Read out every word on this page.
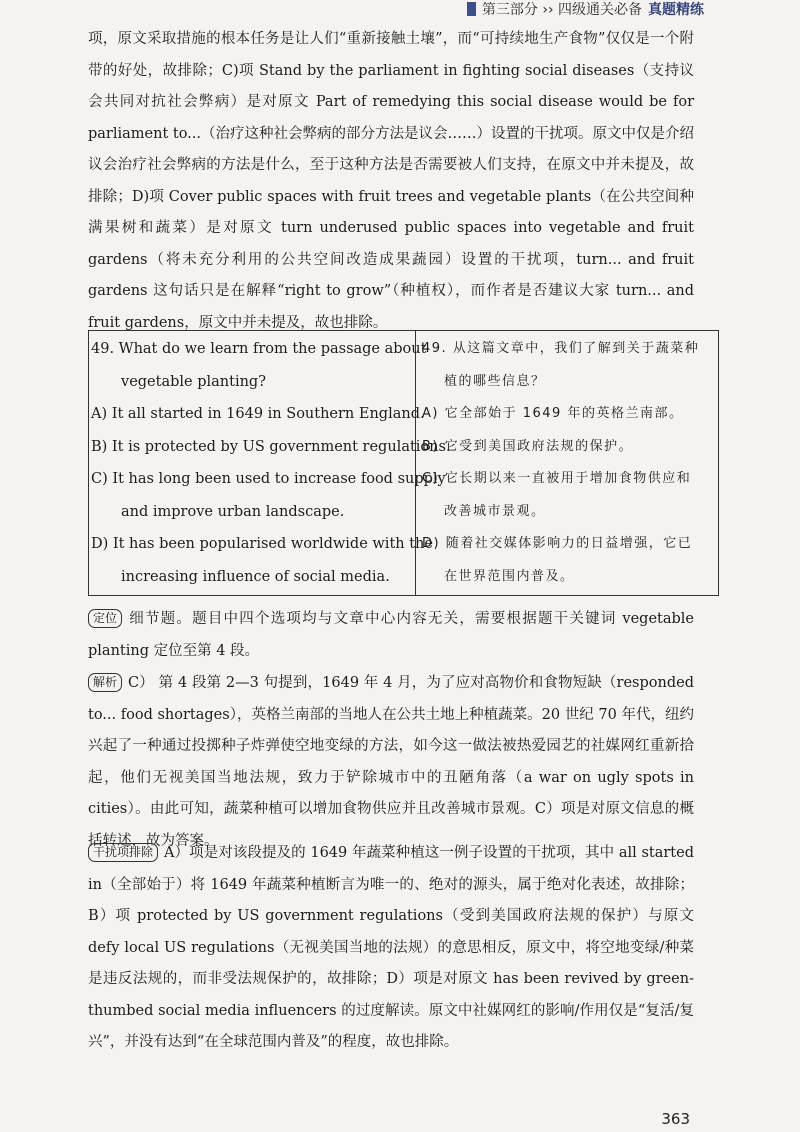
第三部分 ›› 四级通关必备 真题精练

项，原文采取措施的根本任务是让人们“重新接触土壤”，而“可持续地生产食物”仅仅是一个附带的好处，故排除；C)项 Stand by the parliament in fighting social diseases（支持议会共同对抗社会弊病）是对原文 Part of remedying this social disease would be for parliament to...（治疗这种社会弊病的部分方法是议会……）设置的干扰项。原文中仅是介绍议会治疗社会弊病的方法是什么，至于这种方法是否需要被人们支持，在原文中并未提及，故排除；D)项 Cover public spaces with fruit trees and vegetable plants（在公共空间种满果树和蔬菜）是对原文 turn underused public spaces into vegetable and fruit gardens（将未充分利用的公共空间改造成果蔬园）设置的干扰项，turn... and fruit gardens 这句话只是在解释“right to grow”（种植权），而作者是否建议大家 turn... and fruit gardens，原文中并未提及，故也排除。

49. What do we learn from the passage about
vegetable planting?
A) It all started in 1649 in Southern England.
B) It is protected by US government regulations.
C) It has long been used to increase food supply
and improve urban landscape.
D) It has been popularised worldwide with the
increasing influence of social media.

49. 从这篇文章中，我们了解到关于蔬菜种
植的哪些信息？
A) 它全部始于 1649 年的英格兰南部。
B) 它受到美国政府法规的保护。
C) 它长期以来一直被用于增加食物供应和
改善城市景观。
D) 随着社交媒体影响力的日益增强，它已
在世界范围内普及。

定位 细节题。题目中四个选项均与文章中心内容无关，需要根据题干关键词 vegetable planting 定位至第 4 段。

解析 C） 第 4 段第 2—3 句提到，1649 年 4 月，为了应对高物价和食物短缺（responded to... food shortages），英格兰南部的当地人在公共土地上种植蔬菜。20 世纪 70 年代，纽约兴起了一种通过投掷种子炸弹使空地变绿的方法，如今这一做法被热爱园艺的社媒网红重新拾起，他们无视美国当地法规，致力于铲除城市中的丑陋角落（a war on ugly spots in cities）。由此可知，蔬菜种植可以增加食物供应并且改善城市景观。C）项是对原文信息的概括转述，故为答案。

干扰项排除 A）项是对该段提及的 1649 年蔬菜种植这一例子设置的干扰项，其中 all started in（全部始于）将 1649 年蔬菜种植断言为唯一的、绝对的源头，属于绝对化表述，故排除；B）项 protected by US government regulations（受到美国政府法规的保护）与原文 defy local US regulations（无视美国当地的法规）的意思相反，原文中，将空地变绿/种菜是违反法规的，而非受法规保护的，故排除；D）项是对原文 has been revived by green-thumbed social media influencers 的过度解读。原文中社媒网红的影响/作用仅是“复活/复兴”，并没有达到“在全球范围内普及”的程度，故也排除。

363
